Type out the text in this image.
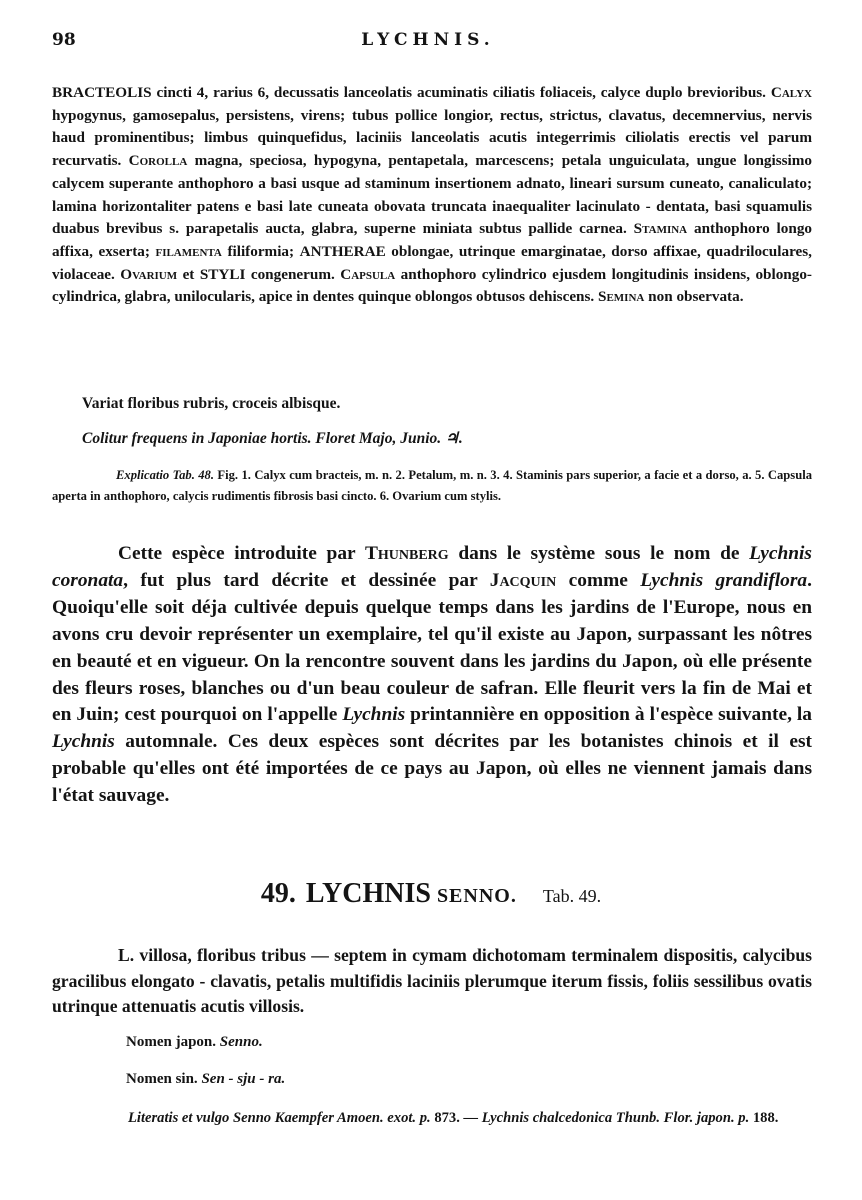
98	LYCHNIS.
BRACTEOLIS cincti 4, rarius 6, decussatis lanceolatis acuminatis ciliatis foliaceis, calyce duplo brevioribus. Calyx hypogynus, gamosepalus, persistens, virens; tubus pollice longior, rectus, strictus, clavatus, decemnervius, nervis haud prominentibus; limbus quinquefidus, laciniis lanceolatis acutis integerrimis ciliolatis erectis vel parum recurvatis. Corolla magna, speciosa, hypogyna, pentapetala, marcescens; petala unguiculata, ungue longissimo calycem superante anthophoro a basi usque ad staminum insertionem adnato, lineari sursum cuneato, canaliculato; lamina horizontaliter patens e basi late cuneata obovata truncata inaequaliter lacinulato - dentata, basi squamulis duabus brevibus s. parapetalis aucta, glabra, superne miniata subtus pallide carnea. Stamina anthophoro longo affixa, exserta; filamenta filiformia; ANTHERAE oblongae, utrinque emarginatae, dorso affixae, quadriloculares, violaceae. Ovarium et STYLI congenerum. Capsula anthophoro cylindrico ejusdem longitudinis insidens, oblongo-cylindrica, glabra, unilocularis, apice in dentes quinque oblongos obtusos dehiscens. Semina non observata.
Variat floribus rubris, croceis albisque.
Colitur frequens in Japoniae hortis. Floret Majo, Junio. ♃.
Explicatio Tab. 48. Fig. 1. Calyx cum bracteis, m. n. 2. Petalum, m. n. 3. 4. Staminis pars superior, a facie et a dorso, a. 5. Capsula aperta in anthophoro, calycis rudimentis fibrosis basi cincto. 6. Ovarium cum stylis.
Cette espèce introduite par Thunberg dans le système sous le nom de Lychnis coronata, fut plus tard décrite et dessinée par Jacquin comme Lychnis grandiflora. Quoiqu'elle soit déja cultivée depuis quelque temps dans les jardins de l'Europe, nous en avons cru devoir représenter un exemplaire, tel qu'il existe au Japon, surpassant les nôtres en beauté et en vigueur. On la rencontre souvent dans les jardins du Japon, où elle présente des fleurs roses, blanches ou d'un beau couleur de safran. Elle fleurit vers la fin de Mai et en Juin; cest pourquoi on l'appelle Lychnis printannière en opposition à l'espèce suivante, la Lychnis automnale. Ces deux espèces sont décrites par les botanistes chinois et il est probable qu'elles ont été importées de ce pays au Japon, où elles ne viennent jamais dans l'état sauvage.
49. LYCHNIS SENNO. Tab. 49.
L. villosa, floribus tribus — septem in cymam dichotomam terminalem dispositis, calycibus gracilibus elongato - clavatis, petalis multifidis laciniis plerumque iterum fissis, foliis sessilibus ovatis utrinque attenuatis acutis villosis.
Nomen japon. Senno.
Nomen sin. Sen - sju - ra.
Literatis et vulgo Senno Kaempfer Amoen. exot. p. 873. — Lychnis chalcedonica Thunb. Flor. japon. p. 188.
